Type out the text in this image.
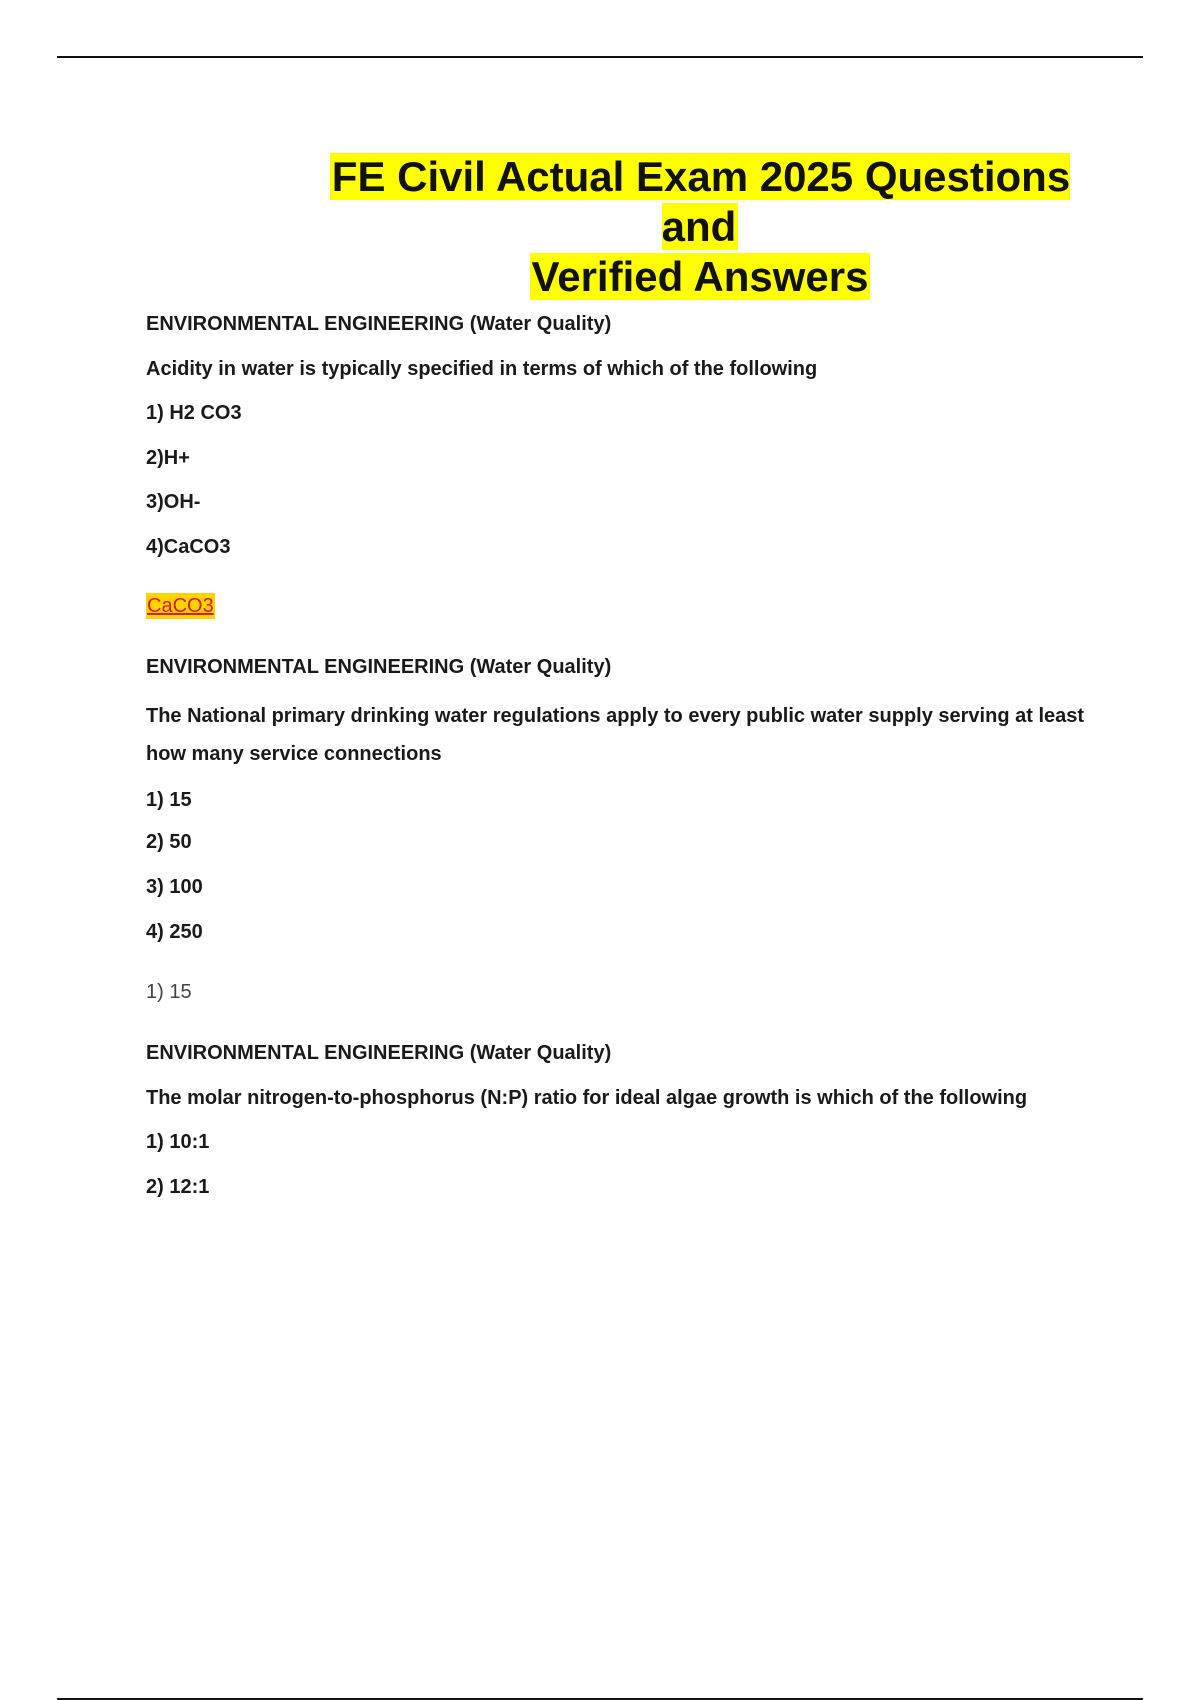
FE Civil Actual Exam 2025 Questions and
Verified Answers
ENVIRONMENTAL ENGINEERING (Water Quality)
Acidity in water is typically specified in terms of which of the following
1) H2 CO3
2)H+
3)OH-
4)CaCO3
CaCO3
ENVIRONMENTAL ENGINEERING (Water Quality)
The National primary drinking water regulations apply to every public water supply serving at least how many service connections
1) 15
2) 50
3) 100
4) 250
1) 15
ENVIRONMENTAL ENGINEERING (Water Quality)
The molar nitrogen-to-phosphorus (N:P) ratio for ideal algae growth is which of the following
1) 10:1
2) 12:1
